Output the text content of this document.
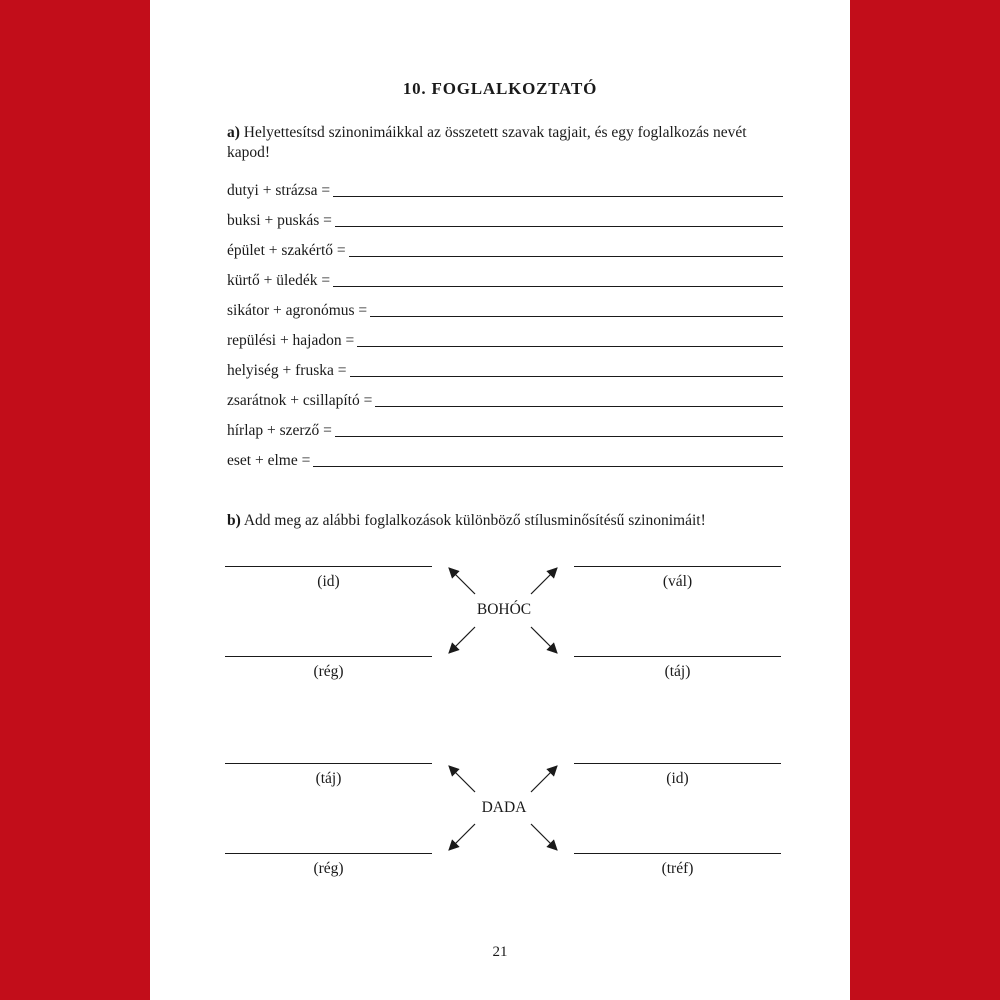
10. FOGLALKOZTATÓ
a) Helyettesítsd szinonimáikkal az összetett szavak tagjait, és egy foglalkozás nevét kapod!
dutyi + strázsa =
buksi + puskás =
épület + szakértő =
kürtő + üledék =
sikátor + agronómus =
repülési + hajadon =
helyiség + fruska =
zsarátnok + csillapító =
hírlap + szerző =
eset + elme =
b) Add meg az alábbi foglalkozások különböző stílusminősítésű szinonimáit!
(id)	(vál)
BOHÓC
(rég)	(táj)
(táj)	(id)
DADA
(rég)	(tréf)
21
